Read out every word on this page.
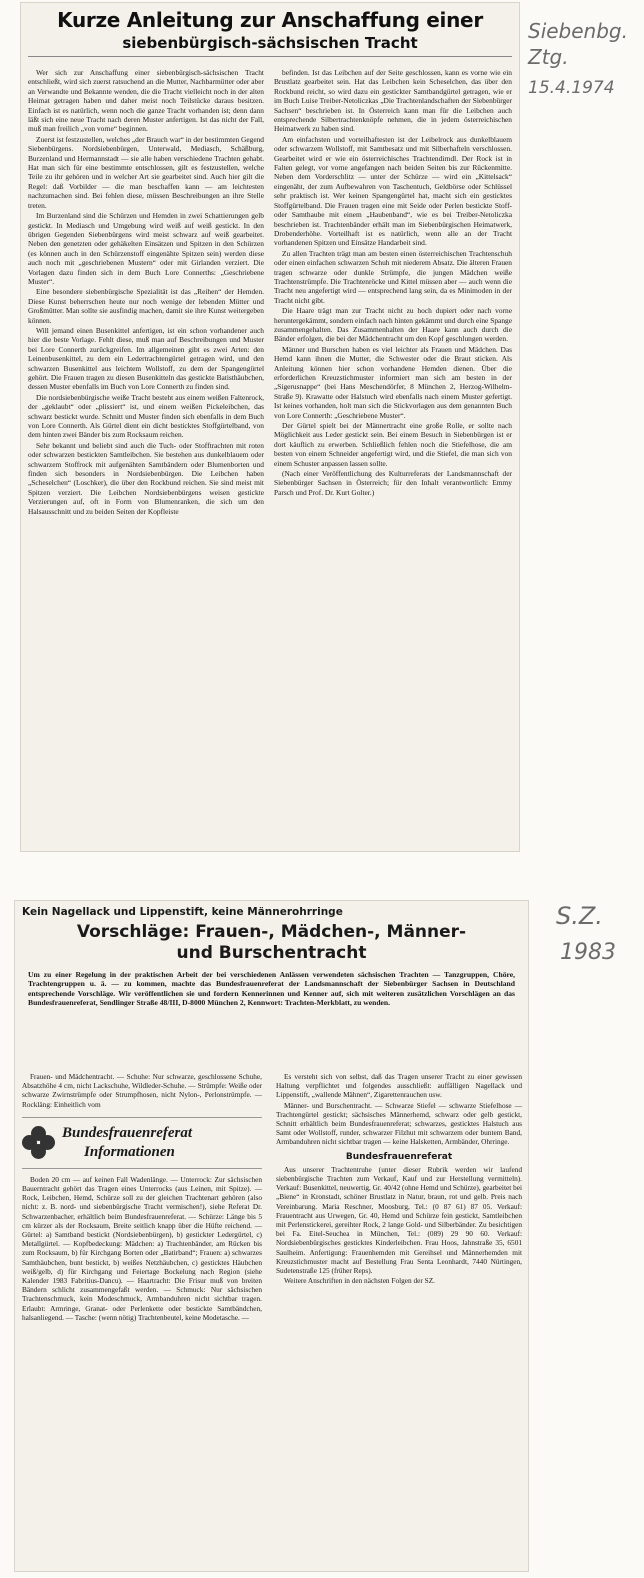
Siebenbg. Ztg.
15.4.1974
S.Z.
1983
Kurze Anleitung zur Anschaffung einer
siebenbürgisch-sächsischen Tracht

Wer sich zur Anschaffung einer siebenbürgisch-sächsischen Tracht entschließt, wird sich zuerst ratsuchend an die Mutter, Nachbarmütter oder aber an Verwandte und Bekannte wenden, die die Tracht vielleicht noch in der alten Heimat getragen haben und daher meist noch Teilstücke daraus besitzen. Einfach ist es natürlich, wenn noch die ganze Tracht vorhanden ist; denn dann läßt sich eine neue Tracht nach deren Muster anfertigen. Ist das nicht der Fall, muß man freilich „von vorne“ beginnen.

Zuerst ist festzustellen, welches „der Brauch war“ in der bestimmten Gegend Siebenbürgens. Nordsiebenbürgen, Unterwald, Mediasch, Schäßburg, Burzenland und Hermannstadt — sie alle haben verschiedene Trachten gehabt. Hat man sich für eine bestimmte entschlossen, gilt es festzustellen, welche Teile zu ihr gehören und in welcher Art sie gearbeitet sind. Auch hier gilt die Regel: daß Vorbilder — die man beschaffen kann — am leichtesten nachzumachen sind. Bei fehlen diese, müssen Beschreibungen an ihre Stelle treten.

Im Burzenland sind die Schürzen und Hemden in zwei Schattierungen gelb gestickt. In Mediasch und Umgebung wird weiß auf weiß gestickt. In den übrigen Gegenden Siebenbürgens wird meist schwarz auf weiß gearbeitet. Neben den genetzten oder gehäkelten Einsätzen und Spitzen in den Schürzen (es können auch in den Schürzenstoff eingenähte Spitzen sein) werden diese auch noch mit „geschriebenen Mustern“ oder mit Girlanden verziert. Die Vorlagen dazu finden sich in dem Buch Lore Connerths: „Geschriebene Muster“.

Eine besondere siebenbürgische Spezialität ist das „Reihen“ der Hemden. Diese Kunst beherrschen heute nur noch wenige der lebenden Mütter und Großmütter. Man sollte sie ausfindig machen, damit sie ihre Kunst weitergeben können.

Will jemand einen Busenkittel anfertigen, ist ein schon vorhandener auch hier die beste Vorlage. Fehlt diese, muß man auf Beschreibungen und Muster bei Lore Connerth zurückgreifen. Im allgemeinen gibt es zwei Arten: den Leinenbusenkittel, zu dem ein Ledertrachtengürtel getragen wird, und den schwarzen Busenkittel aus leichtem Wollstoff, zu dem der Spangengürtel gehört. Die Frauen tragen zu diesen Busenkitteln das gestickte Batisthäubchen, dessen Muster ebenfalls im Buch von Lore Connerth zu finden sind.

Die nordsiebenbürgische weiße Tracht besteht aus einem weißen Faltenrock, der „geklaubt“ oder „plissiert“ ist, und einem weißen Pickeleibchen, das schwarz bestickt wurde. Schnitt und Muster finden sich ebenfalls in dem Buch von Lore Connerth. Als Gürtel dient ein dicht besticktes Stoffgürtelband, von dem hinten zwei Bänder bis zum Rocksaum reichen.

Sehr bekannt und beliebt sind auch die Tuch- oder Stofftrachten mit roten oder schwarzen bestickten Samtleibchen. Sie bestehen aus dunkelblauem oder schwarzem Stoffrock mit aufgenähten Samtbändern oder Blumenborten und finden sich besonders in Nordsiebenbürgen. Die Leibchen haben „Scheselchen“ (Loschker), die über den Rockbund reichen. Sie sind meist mit Spitzen verziert. Die Leibchen Nordsiebenbürgens weisen gestickte Verzierungen auf, oft in Form von Blumenranken, die sich um den Halsausschnitt und zu beiden Seiten der Kopfleiste

befinden. Ist das Leibchen auf der Seite geschlossen, kann es vorne wie ein Brustlatz gearbeitet sein. Hat das Leibchen kein Scheselchen, das über den Rockbund reicht, so wird dazu ein gestickter Samtbandgürtel getragen, wie er im Buch Luise Treiber-Netoliczkas „Die Trachtenlandschaften der Siebenbürger Sachsen“ beschrieben ist. In Österreich kann man für die Leibchen auch entsprechende Silbertrachtenknöpfe nehmen, die in jedem österreichischen Heimatwerk zu haben sind.

Am einfachsten und vorteilhaftesten ist der Leibelrock aus dunkelblauem oder schwarzem Wollstoff, mit Samtbesatz und mit Silberhafteln verschlossen. Gearbeitet wird er wie ein österreichisches Trachtendirndl. Der Rock ist in Falten gelegt, vor vorne angefangen nach beiden Seiten bis zur Rückenmitte. Neben dem Vorderschlitz — unter der Schürze — wird ein „Kittelsack“ eingenäht, der zum Aufbewahren von Taschentuch, Geldbörse oder Schlüssel sehr praktisch ist. Wer keinen Spangengürtel hat, macht sich ein gesticktes Stoffgürtelband. Die Frauen tragen eine mit Seide oder Perlen bestickte Stoff- oder Samthaube mit einem „Haubenband“, wie es bei Treiber-Netoliczka beschrieben ist. Trachtenbänder erhält man im Siebenbürgischen Heimatwerk, Drobenderhöhe. Vorteilhaft ist es natürlich, wenn alle an der Tracht vorhandenen Spitzen und Einsätze Handarbeit sind.

Zu allen Trachten trägt man am besten einen österreichischen Trachtenschuh oder einen einfachen schwarzen Schuh mit niederem Absatz. Die älteren Frauen tragen schwarze oder dunkle Strümpfe, die jungen Mädchen weiße Trachtenstrümpfe. Die Trachtenröcke und Kittel müssen aber — auch wenn die Tracht neu angefertigt wird — entsprechend lang sein, da es Minimoden in der Tracht nicht gibt.

Die Haare trägt man zur Tracht nicht zu hoch dupiert oder nach vorne heruntergekämmt, sondern einfach nach hinten gekämmt und durch eine Spange zusammengehalten. Das Zusammenhalten der Haare kann auch durch die Bänder erfolgen, die bei der Mädchentracht um den Kopf geschlungen werden.

Männer und Burschen haben es viel leichter als Frauen und Mädchen. Das Hemd kann ihnen die Mutter, die Schwester oder die Braut sticken. Als Anleitung können hier schon vorhandene Hemden dienen. Über die erforderlichen Kreuzstichmuster informiert man sich am besten in der „Sigerusnappe“ (bei Hans Meschendörfer, 8 München 2, Herzog-Wilhelm-Straße 9). Krawatte oder Halstuch wird ebenfalls nach einem Muster gefertigt. Ist keines vorhanden, holt man sich die Stickvorlagen aus dem genannten Buch von Lore Connerth: „Geschriebene Muster“.

Der Gürtel spielt bei der Männertracht eine große Rolle, er sollte nach Möglichkeit aus Leder gestickt sein. Bei einem Besuch in Siebenbürgen ist er dort käuflich zu erwerben. Schließlich fehlen noch die Stiefelhose, die am besten von einem Schneider angefertigt wird, und die Stiefel, die man sich von einem Schuster anpassen lassen sollte.

(Nach einer Veröffentlichung des Kulturreferats der Landsmannschaft der Siebenbürger Sachsen in Österreich; für den Inhalt verantwortlich: Emmy Parsch und Prof. Dr. Kurt Golter.)

Kein Nagellack und Lippenstift, keine Männerohrringe
Vorschläge: Frauen-, Mädchen-, Männer- und Burschentracht
Um zu einer Regelung in der praktischen Arbeit der bei verschiedenen Anlässen verwendeten sächsischen Trachten — Tanzgruppen, Chöre, Trachtengruppen u. ä. — zu kommen, machte das Bundesfrauenreferat der Landsmannschaft der Siebenbürger Sachsen in Deutschland entsprechende Vorschläge. Wir veröffentlichen sie und fordern Kennerinnen und Kenner auf, sich mit weiteren zusätzlichen Vorschlägen an das Bundesfrauenreferat, Sendlinger Straße 48/III, D-8000 München 2, Kennwort: Trachten-Merkblatt, zu wenden.

Frauen- und Mädchentracht. — Schuhe: Nur schwarze, geschlossene Schuhe, Absatzhöhe 4 cm, nicht Lackschuhe, Wildleder-Schuhe. — Strümpfe: Weiße oder schwarze Zwirnstrümpfe oder Strumpfhosen, nicht Nylon-, Perlonstrümpfe. — Rockläng: Einheitlich vom

Bundesfrauenreferat
Informationen

Boden 20 cm — auf keinen Fall Wadenlänge. — Unterrock: Zur sächsischen Bauerntracht gehört das Tragen eines Unterrocks (aus Leinen, mit Spitze). — Rock, Leibchen, Hemd, Schürze soll zu der gleichen Trachtenart gehören (also nicht: z. B. nord- und siebenbürgische Tracht vermischen!), siehe Referat Dr. Schwarzenbacher, erhältlich beim Bundesfrauenreferat. — Schürze: Länge bis 5 cm kürzer als der Rocksaum, Breite seitlich knapp über die Hüfte reichend. — Gürtel: a) Samtband bestickt (Nordsiebenbürgen), b) gestickter Ledergürtel, c) Metallgürtel. — Kopfbedeckung: Mädchen: a) Trachtenbänder, am Rücken bis zum Rocksaum, b) für Kirchgang Borten oder „Batirband“; Frauen: a) schwarzes Samthäubchen, bunt bestickt, b) weißes Netzhäubchen, c) gesticktes Häubchen weiß/gelb, d) für Kirchgang und Feiertage Bockelung nach Region (siehe Kalender 1983 Fabritius-Dancu). — Haartracht: Die Frisur muß von breiten Bändern schlicht zusammengefaßt werden. — Schmuck: Nur sächsischen Trachtenschmuck, kein Modeschmuck, Armbanduhren nicht sichtbar tragen. Erlaubt: Armringe, Granat- oder Perlenkette oder bestickte Samtbändchen, halsanliegend. — Tasche: (wenn nötig) Trachtenbeutel, keine Modetasche. —

Es versteht sich von selbst, daß das Tragen unserer Tracht zu einer gewissen Haltung verpflichtet und folgendes ausschließt: auffälligen Nagellack und Lippenstift, „wallende Mähnen“, Zigarettenrauchen usw.

Männer- und Burschentracht. — Schwarze Stiefel — schwarze Stiefelhose — Trachtengürtel gestickt; sächsisches Männerhemd, schwarz oder gelb gestickt, Schnitt erhältlich beim Bundesfrauenreferat; schwarzes, gesticktes Halstuch aus Samt oder Wollstoff, runder, schwarzer Filzhut mit schwarzem oder buntem Band, Armbanduhren nicht sichtbar tragen — keine Halsketten, Armbänder, Ohrringe.

Bundesfrauenreferat

Aus unserer Trachtentruhe (unter dieser Rubrik werden wir laufend siebenbürgische Trachten zum Verkauf, Kauf und zur Herstellung vermitteln). Verkauf: Busenkittel, neuwertig, Gr. 40/42 (ohne Hemd und Schürze), gearbeitet bei „Biene“ in Kronstadt, schöner Brustlatz in Natur, braun, rot und gelb. Preis nach Vereinbarung. Maria Reschner, Moosburg, Tel.: (0 87 61) 87 05. Verkauf: Frauentracht aus Urwegen, Gr. 40, Hemd und Schürze fein gestickt, Samtleibchen mit Perlenstickerei, gereihter Rock, 2 lange Gold- und Silberbänder. Zu besichtigen bei Fa. Eitel-Seuchea in München, Tel.: (089) 29 90 60. Verkauf: Nordsiebenbürgisches gesticktes Kinderleibchen. Frau Hoos, Jahnstraße 35, 6501 Saulheim. Anfertigung: Frauenhemden mit Gereihsel und Männerhemden mit Kreuzstichmuster macht auf Bestellung Frau Senta Leonhardt, 7440 Nürtingen, Sudetenstraße 125 (früher Reps).

Weitere Anschriften in den nächsten Folgen der SZ.
